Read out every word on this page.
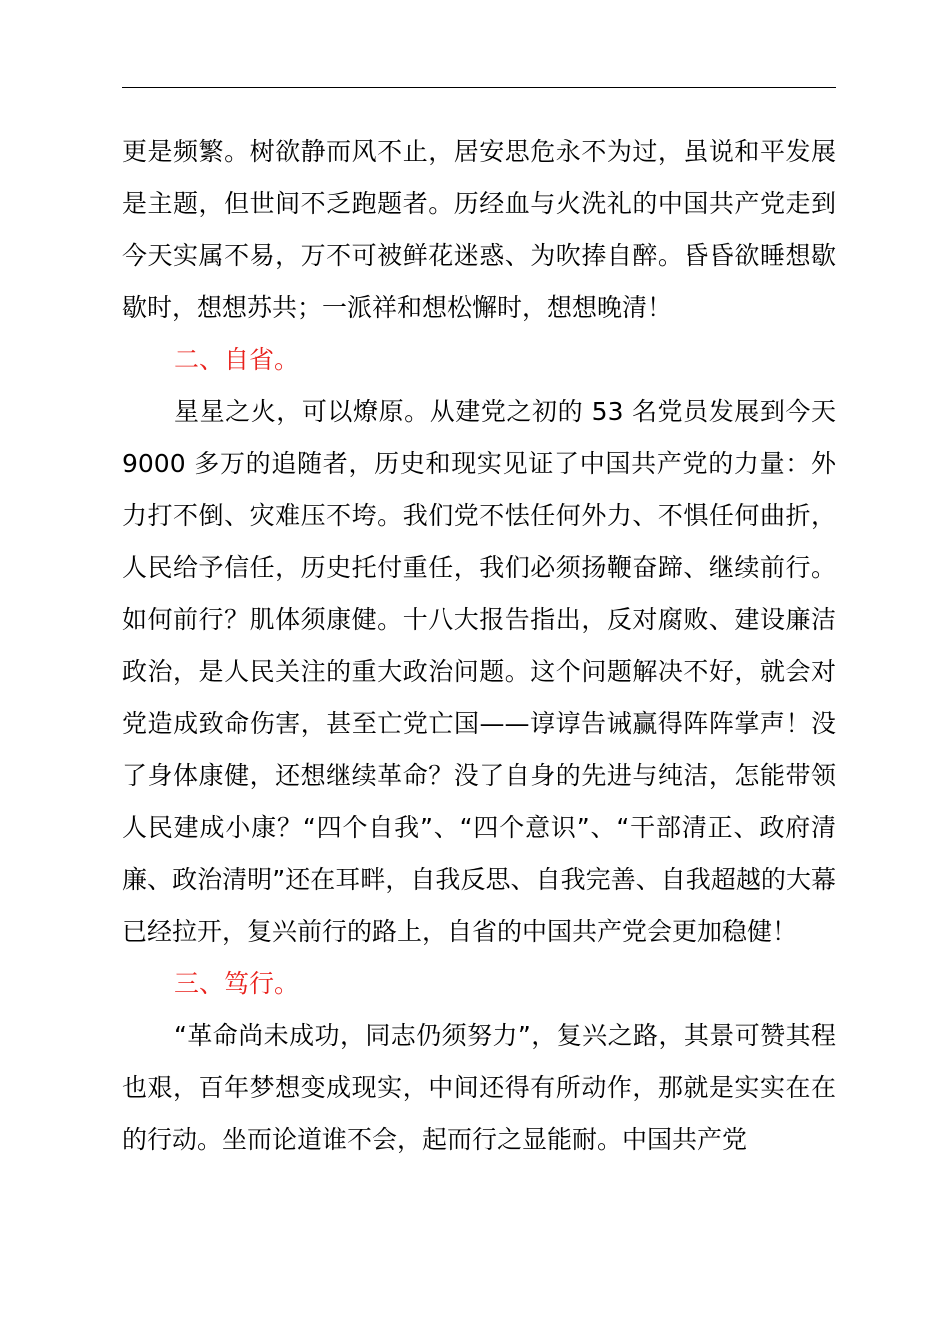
更是频繁。树欲静而风不止，居安思危永不为过，虽说和平发展是主题，但世间不乏跑题者。历经血与火洗礼的中国共产党走到今天实属不易，万不可被鲜花迷惑、为吹捧自醉。昏昏欲睡想歇歇时，想想苏共；一派祥和想松懈时，想想晚清！

二、自省。

星星之火，可以燎原。从建党之初的 53 名党员发展到今天 9000 多万的追随者，历史和现实见证了中国共产党的力量：外力打不倒、灾难压不垮。我们党不怯任何外力、不惧任何曲折，人民给予信任，历史托付重任，我们必须扬鞭奋蹄、继续前行。如何前行？肌体须康健。十八大报告指出，反对腐败、建设廉洁政治，是人民关注的重大政治问题。这个问题解决不好，就会对党造成致命伤害，甚至亡党亡国——谆谆告诫赢得阵阵掌声！没了身体康健，还想继续革命？没了自身的先进与纯洁，怎能带领人民建成小康？“四个自我”、“四个意识”、“干部清正、政府清廉、政治清明”还在耳畔，自我反思、自我完善、自我超越的大幕已经拉开，复兴前行的路上，自省的中国共产党会更加稳健！

三、笃行。

“革命尚未成功，同志仍须努力”，复兴之路，其景可赞其程也艰，百年梦想变成现实，中间还得有所动作，那就是实实在在的行动。坐而论道谁不会，起而行之显能耐。中国共产党
